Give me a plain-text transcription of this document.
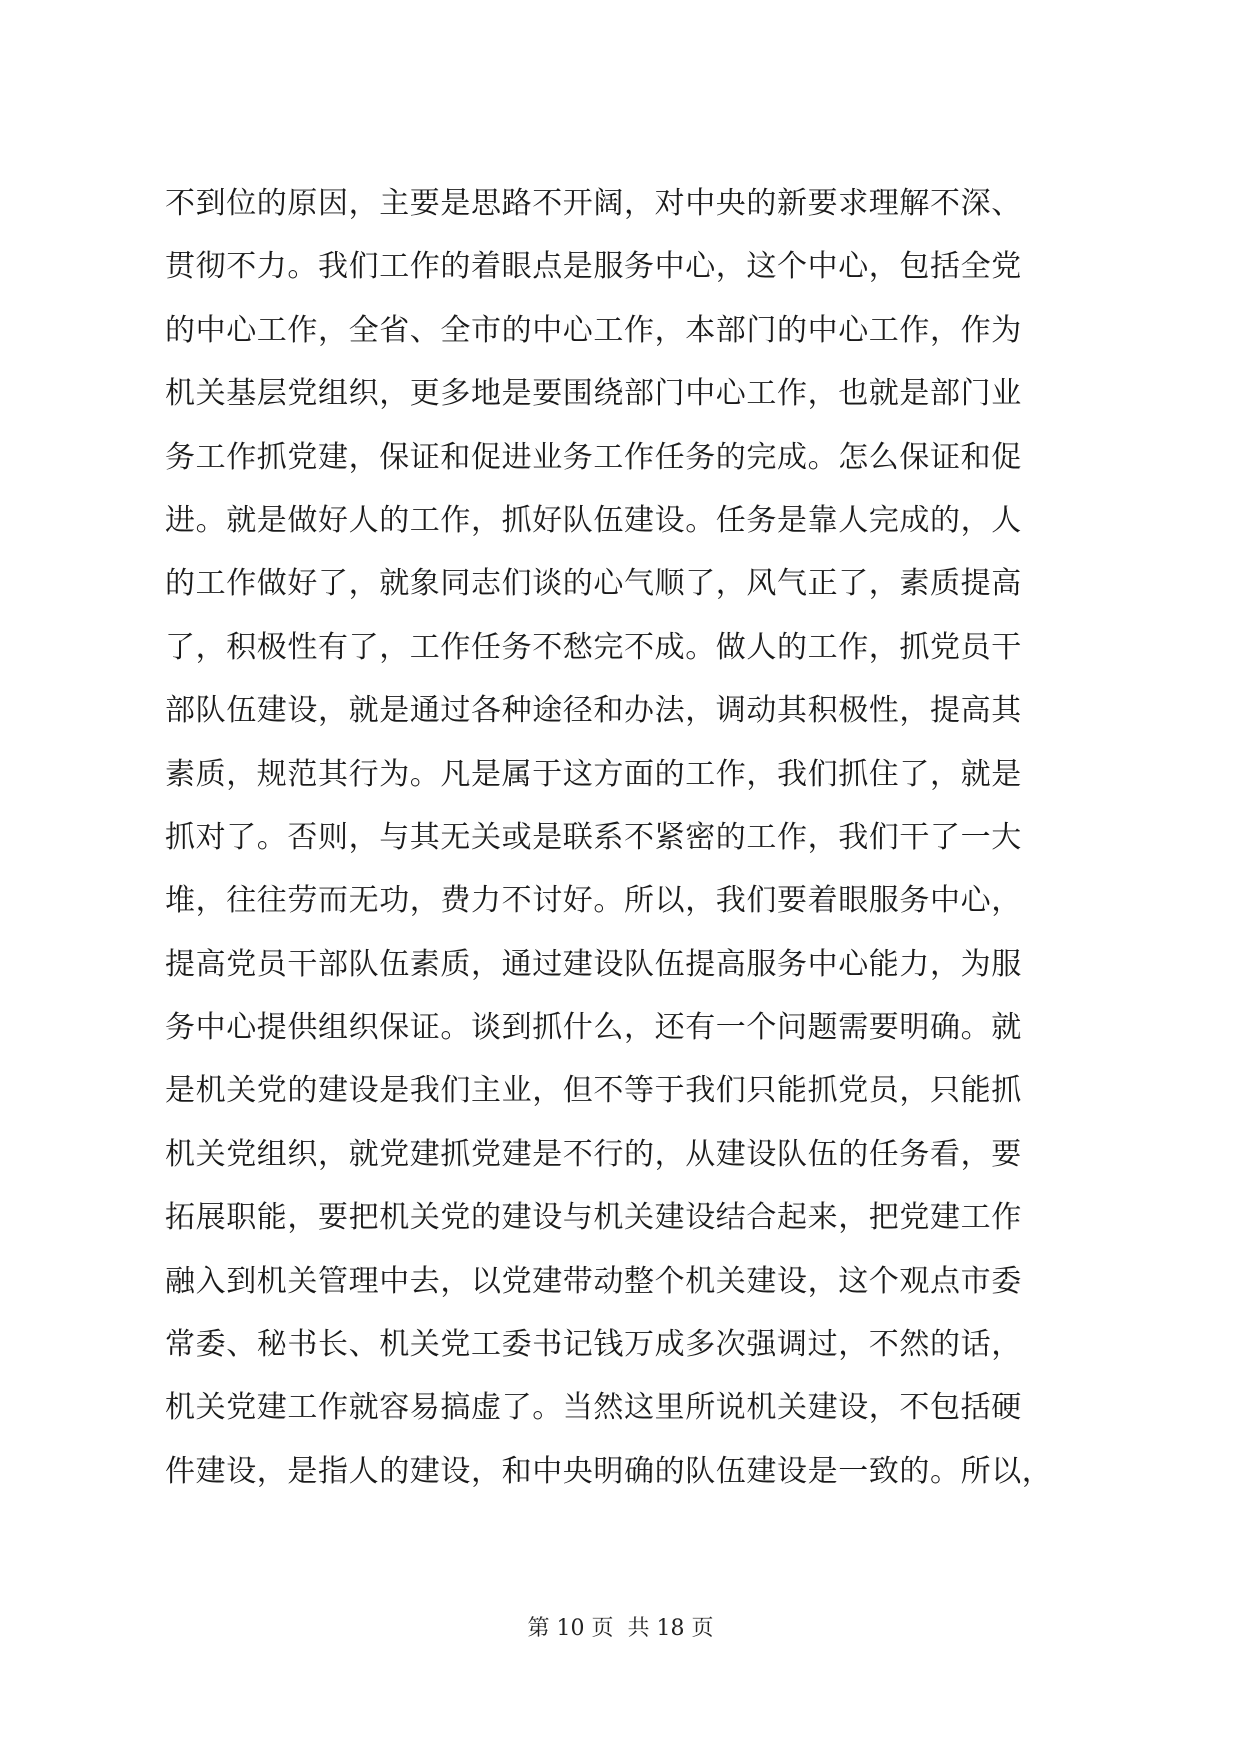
不到位的原因，主要是思路不开阔，对中央的新要求理解不深、
贯彻不力。我们工作的着眼点是服务中心，这个中心，包括全党
的中心工作，全省、全市的中心工作，本部门的中心工作，作为
机关基层党组织，更多地是要围绕部门中心工作，也就是部门业
务工作抓党建，保证和促进业务工作任务的完成。怎么保证和促
进。就是做好人的工作，抓好队伍建设。任务是靠人完成的，人
的工作做好了，就象同志们谈的心气顺了，风气正了，素质提高
了，积极性有了，工作任务不愁完不成。做人的工作，抓党员干
部队伍建设，就是通过各种途径和办法，调动其积极性，提高其
素质，规范其行为。凡是属于这方面的工作，我们抓住了，就是
抓对了。否则，与其无关或是联系不紧密的工作，我们干了一大
堆，往往劳而无功，费力不讨好。所以，我们要着眼服务中心，
提高党员干部队伍素质，通过建设队伍提高服务中心能力，为服
务中心提供组织保证。谈到抓什么，还有一个问题需要明确。就
是机关党的建设是我们主业，但不等于我们只能抓党员，只能抓
机关党组织，就党建抓党建是不行的，从建设队伍的任务看，要
拓展职能，要把机关党的建设与机关建设结合起来，把党建工作
融入到机关管理中去，以党建带动整个机关建设，这个观点市委
常委、秘书长、机关党工委书记钱万成多次强调过，不然的话，
机关党建工作就容易搞虚了。当然这里所说机关建设，不包括硬
件建设，是指人的建设，和中央明确的队伍建设是一致的。所以，
第 10 页  共 18 页
